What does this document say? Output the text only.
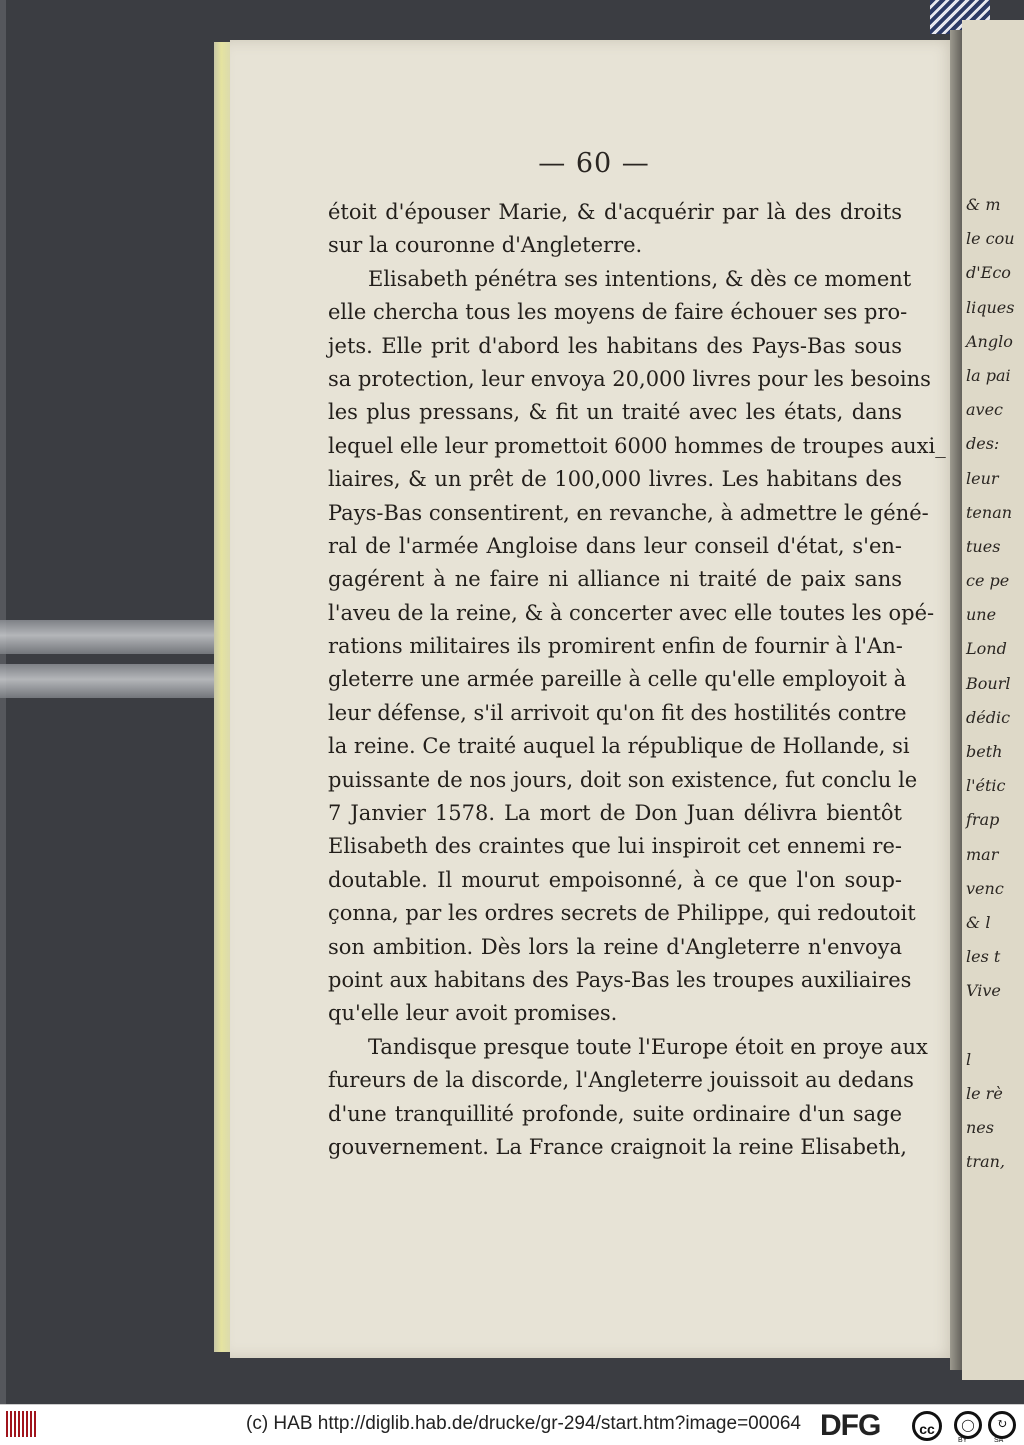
— 60 —
étoit d'épouser Marie, & d'acquérir par là des droits
sur la couronne d'Angleterre.
Elisabeth pénétra ses intentions, & dès ce moment
elle chercha tous les moyens de faire échouer ses pro-
jets. Elle prit d'abord les habitans des Pays-Bas sous
sa protection, leur envoya 20,000 livres pour les besoins
les plus pressans, & fit un traité avec les états, dans
lequel elle leur promettoit 6000 hommes de troupes auxi_
liaires, & un prêt de 100,000 livres. Les habitans des
Pays-Bas consentirent, en revanche, à admettre le géné-
ral de l'armée Angloise dans leur conseil d'état, s'en-
gagérent à ne faire ni alliance ni traité de paix sans
l'aveu de la reine, & à concerter avec elle toutes les opé-
rations militaires ils promirent enfin de fournir à l'An-
gleterre une armée pareille à celle qu'elle employoit à
leur défense, s'il arrivoit qu'on fit des hostilités contre
la reine. Ce traité auquel la république de Hollande, si
puissante de nos jours, doit son existence, fut conclu le
7 Janvier 1578. La mort de Don Juan délivra bientôt
Elisabeth des craintes que lui inspiroit cet ennemi re-
doutable. Il mourut empoisonné, à ce que l'on soup-
çonna, par les ordres secrets de Philippe, qui redoutoit
son ambition. Dès lors la reine d'Angleterre n'envoya
point aux habitans des Pays-Bas les troupes auxiliaires
qu'elle leur avoit promises.
Tandisque presque toute l'Europe étoit en proye aux
fureurs de la discorde, l'Angleterre jouissoit au dedans
d'une tranquillité profonde, suite ordinaire d'un sage
gouvernement. La France craignoit la reine Elisabeth,
& m
le cou
d'Eco
liques
Anglo
la pai
avec
des:
leur
tenan
tues
ce pe
une
Lond
Bourl
dédic
beth
l'étic
frap
mar
venc
& l
les t
Vive
l
le rè
nes
tran,
(c) HAB http://diglib.hab.de/drucke/gr-294/start.htm?image=00064 DFG	cc	◯	↻
BY	SA
